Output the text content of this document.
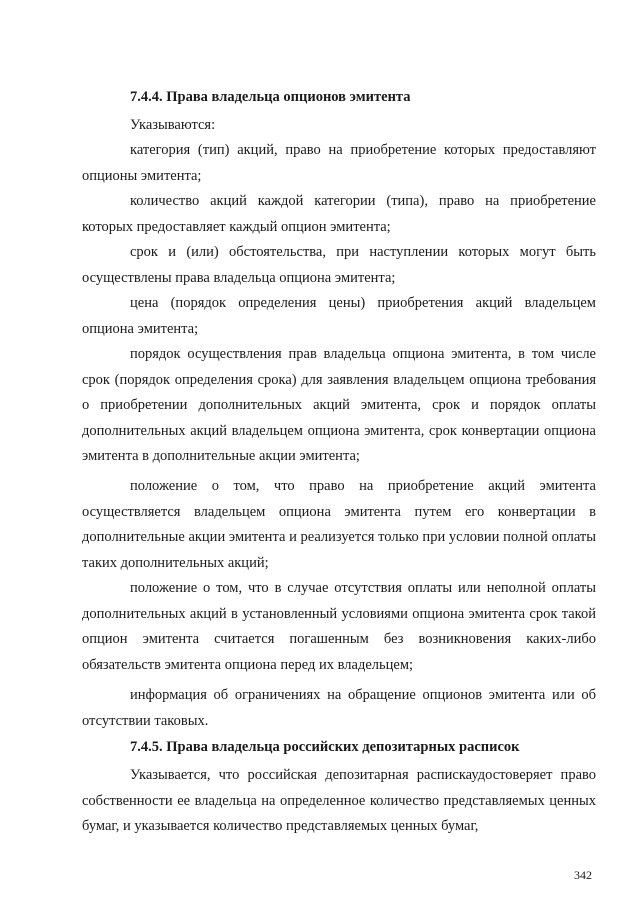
7.4.4. Права владельца опционов эмитента

Указываются:

категория (тип) акций, право на приобретение которых предоставляют опционы эмитента;

количество акций каждой категории (типа), право на приобретение которых предоставляет каждый опцион эмитента;

срок и (или) обстоятельства, при наступлении которых могут быть осуществлены права владельца опциона эмитента;

цена (порядок определения цены) приобретения акций владельцем опциона эмитента;

порядок осуществления прав владельца опциона эмитента, в том числе срок (порядок определения срока) для заявления владельцем опциона требования о приобретении дополнительных акций эмитента, срок и порядок оплаты дополнительных акций владельцем опциона эмитента, срок конвертации опциона эмитента в дополнительные акции эмитента;

положение о том, что право на приобретение акций эмитента осуществляется владельцем опциона эмитента путем его конвертации в дополнительные акции эмитента и реализуется только при условии полной оплаты таких дополнительных акций;

положение о том, что в случае отсутствия оплаты или неполной оплаты дополнительных акций в установленный условиями опциона эмитента срок такой опцион эмитента считается погашенным без возникновения каких-либо обязательств эмитента опциона перед их владельцем;

информация об ограничениях на обращение опционов эмитента или об отсутствии таковых.

7.4.5. Права владельца российских депозитарных расписок

Указывается, что российская депозитарная распискаудостоверяет право собственности ее владельца на определенное количество представляемых ценных бумаг, и указывается количество представляемых ценных бумаг,

342
